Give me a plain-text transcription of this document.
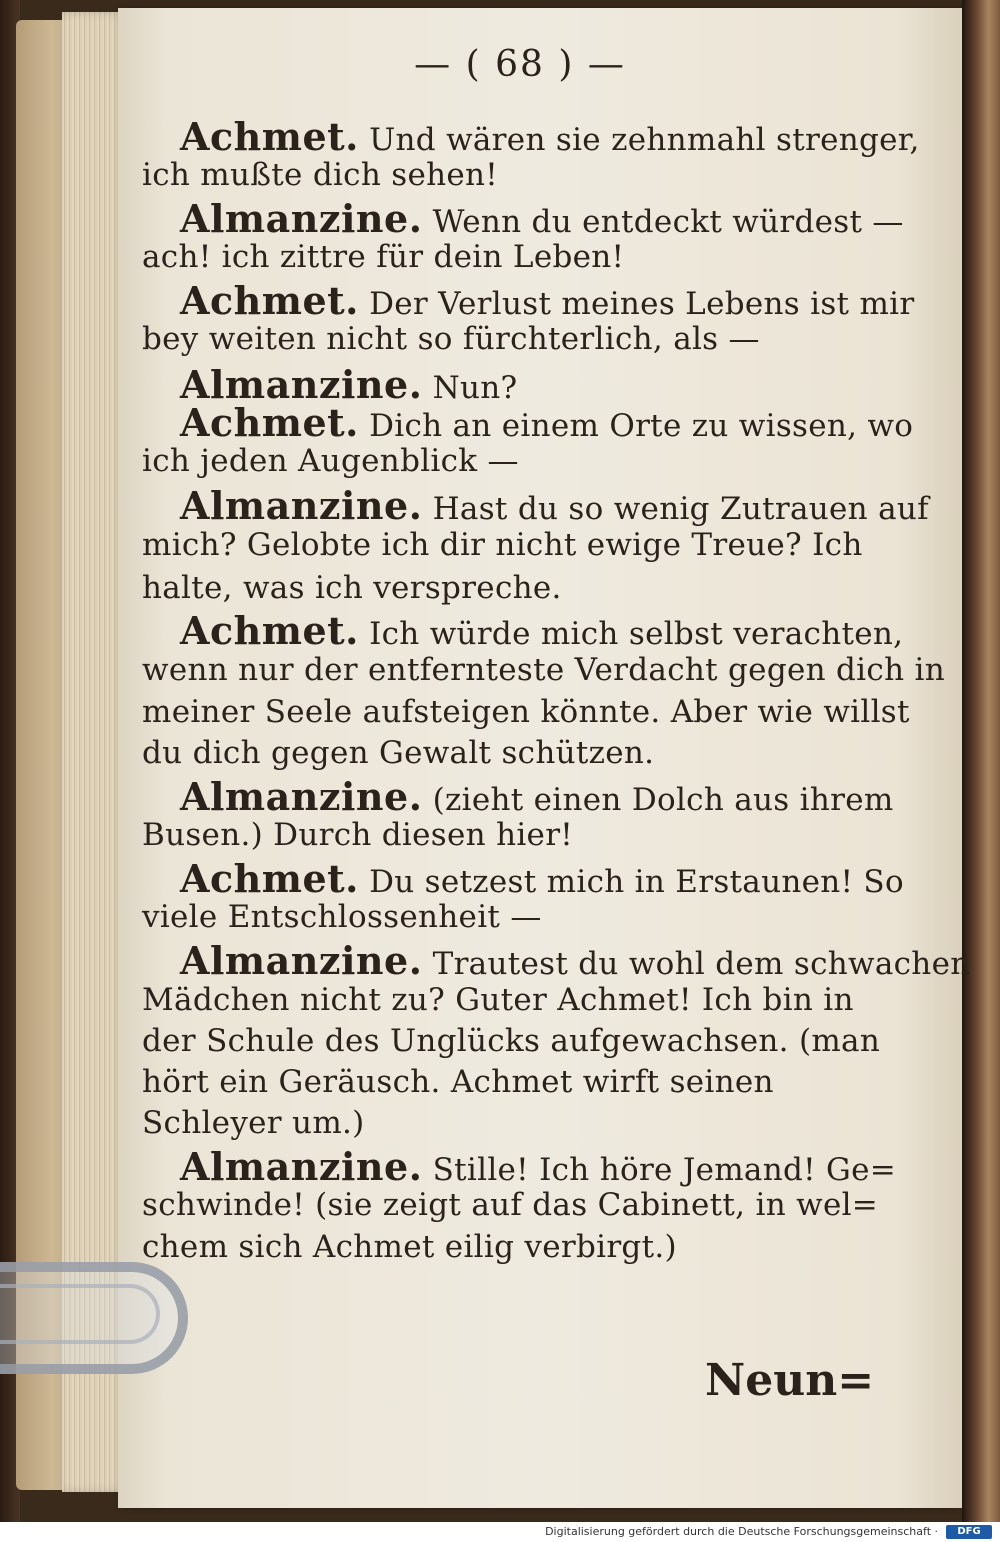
— ( 68 ) —
Achmet. Und wären sie zehnmahl strenger,
ich mußte dich sehen!
Almanzine. Wenn du entdeckt würdest —
ach! ich zittre für dein Leben!
Achmet. Der Verlust meines Lebens ist mir
bey weiten nicht so fürchterlich, als —
Almanzine. Nun?
Achmet. Dich an einem Orte zu wissen, wo
ich jeden Augenblick —
Almanzine. Hast du so wenig Zutrauen auf
mich? Gelobte ich dir nicht ewige Treue? Ich
halte, was ich verspreche.
Achmet. Ich würde mich selbst verachten,
wenn nur der entfernteste Verdacht gegen dich in
meiner Seele aufsteigen könnte. Aber wie willst
du dich gegen Gewalt schützen.
Almanzine. (zieht einen Dolch aus ihrem
Busen.) Durch diesen hier!
Achmet. Du setzest mich in Erstaunen! So
viele Entschlossenheit —
Almanzine. Trautest du wohl dem schwachen
Mädchen nicht zu? Guter Achmet! Ich bin in
der Schule des Unglücks aufgewachsen. (man
hört ein Geräusch. Achmet wirft seinen
Schleyer um.)
Almanzine. Stille! Ich höre Jemand! Ge=
schwinde! (sie zeigt auf das Cabinett, in wel=
chem sich Achmet eilig verbirgt.)
Neun=
Digitalisierung gefördert durch die Deutsche Forschungsgemeinschaft ·	DFG
